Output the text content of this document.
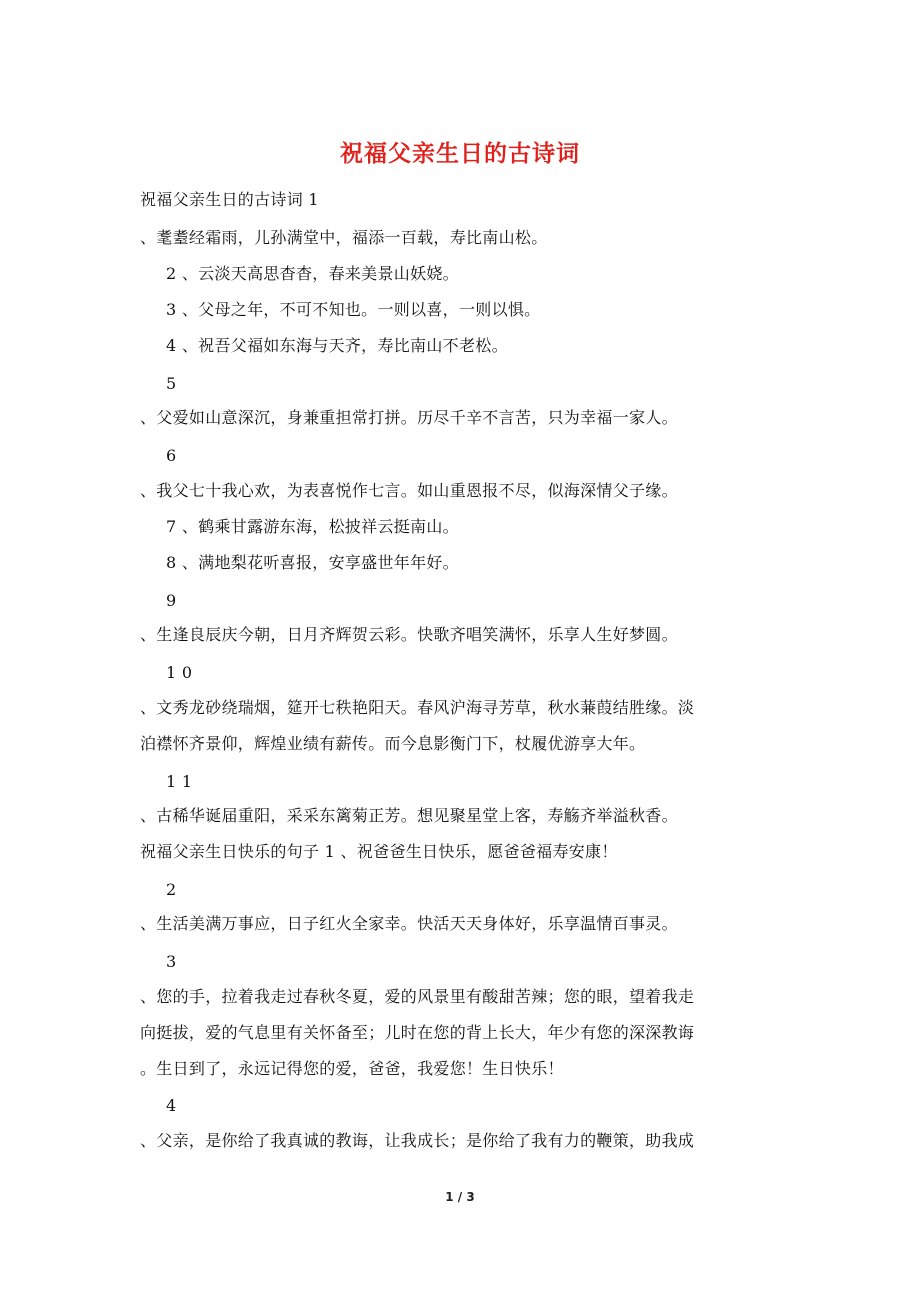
祝福父亲生日的古诗词
祝福父亲生日的古诗词 1
、耄耋经霜雨，儿孙满堂中，福添一百载，寿比南山松。
2 、云淡天高思杳杳，春来美景山妖娆。
3 、父母之年，不可不知也。一则以喜，一则以惧。
4 、祝吾父福如东海与天齐，寿比南山不老松。
5
、父爱如山意深沉，身兼重担常打拼。历尽千辛不言苦，只为幸福一家人。
6
、我父七十我心欢，为表喜悦作七言。如山重恩报不尽，似海深情父子缘。
7 、鹤乘甘露游东海，松披祥云挺南山。
8 、满地梨花听喜报，安享盛世年年好。
9
、生逢良辰庆今朝，日月齐辉贺云彩。快歌齐唱笑满怀，乐享人生好梦圆。
1 0
、文秀龙砂绕瑞烟，筵开七秩艳阳天。春风沪海寻芳草，秋水蒹葭结胜缘。淡
泊襟怀齐景仰，辉煌业绩有薪传。而今息影衡门下，杖履优游享大年。
1 1
、古稀华诞届重阳，采采东篱菊正芳。想见聚星堂上客，寿觞齐举溢秋香。
祝福父亲生日快乐的句子 1 、祝爸爸生日快乐，愿爸爸福寿安康！
2
、生活美满万事应，日子红火全家幸。快活天天身体好，乐享温情百事灵。
3
、您的手，拉着我走过春秋冬夏，爱的风景里有酸甜苦辣；您的眼，望着我走
向挺拔，爱的气息里有关怀备至；儿时在您的背上长大，年少有您的深深教诲
。生日到了，永远记得您的爱，爸爸，我爱您！生日快乐！
4
、父亲，是你给了我真诚的教诲，让我成长；是你给了我有力的鞭策，助我成
1 / 3
